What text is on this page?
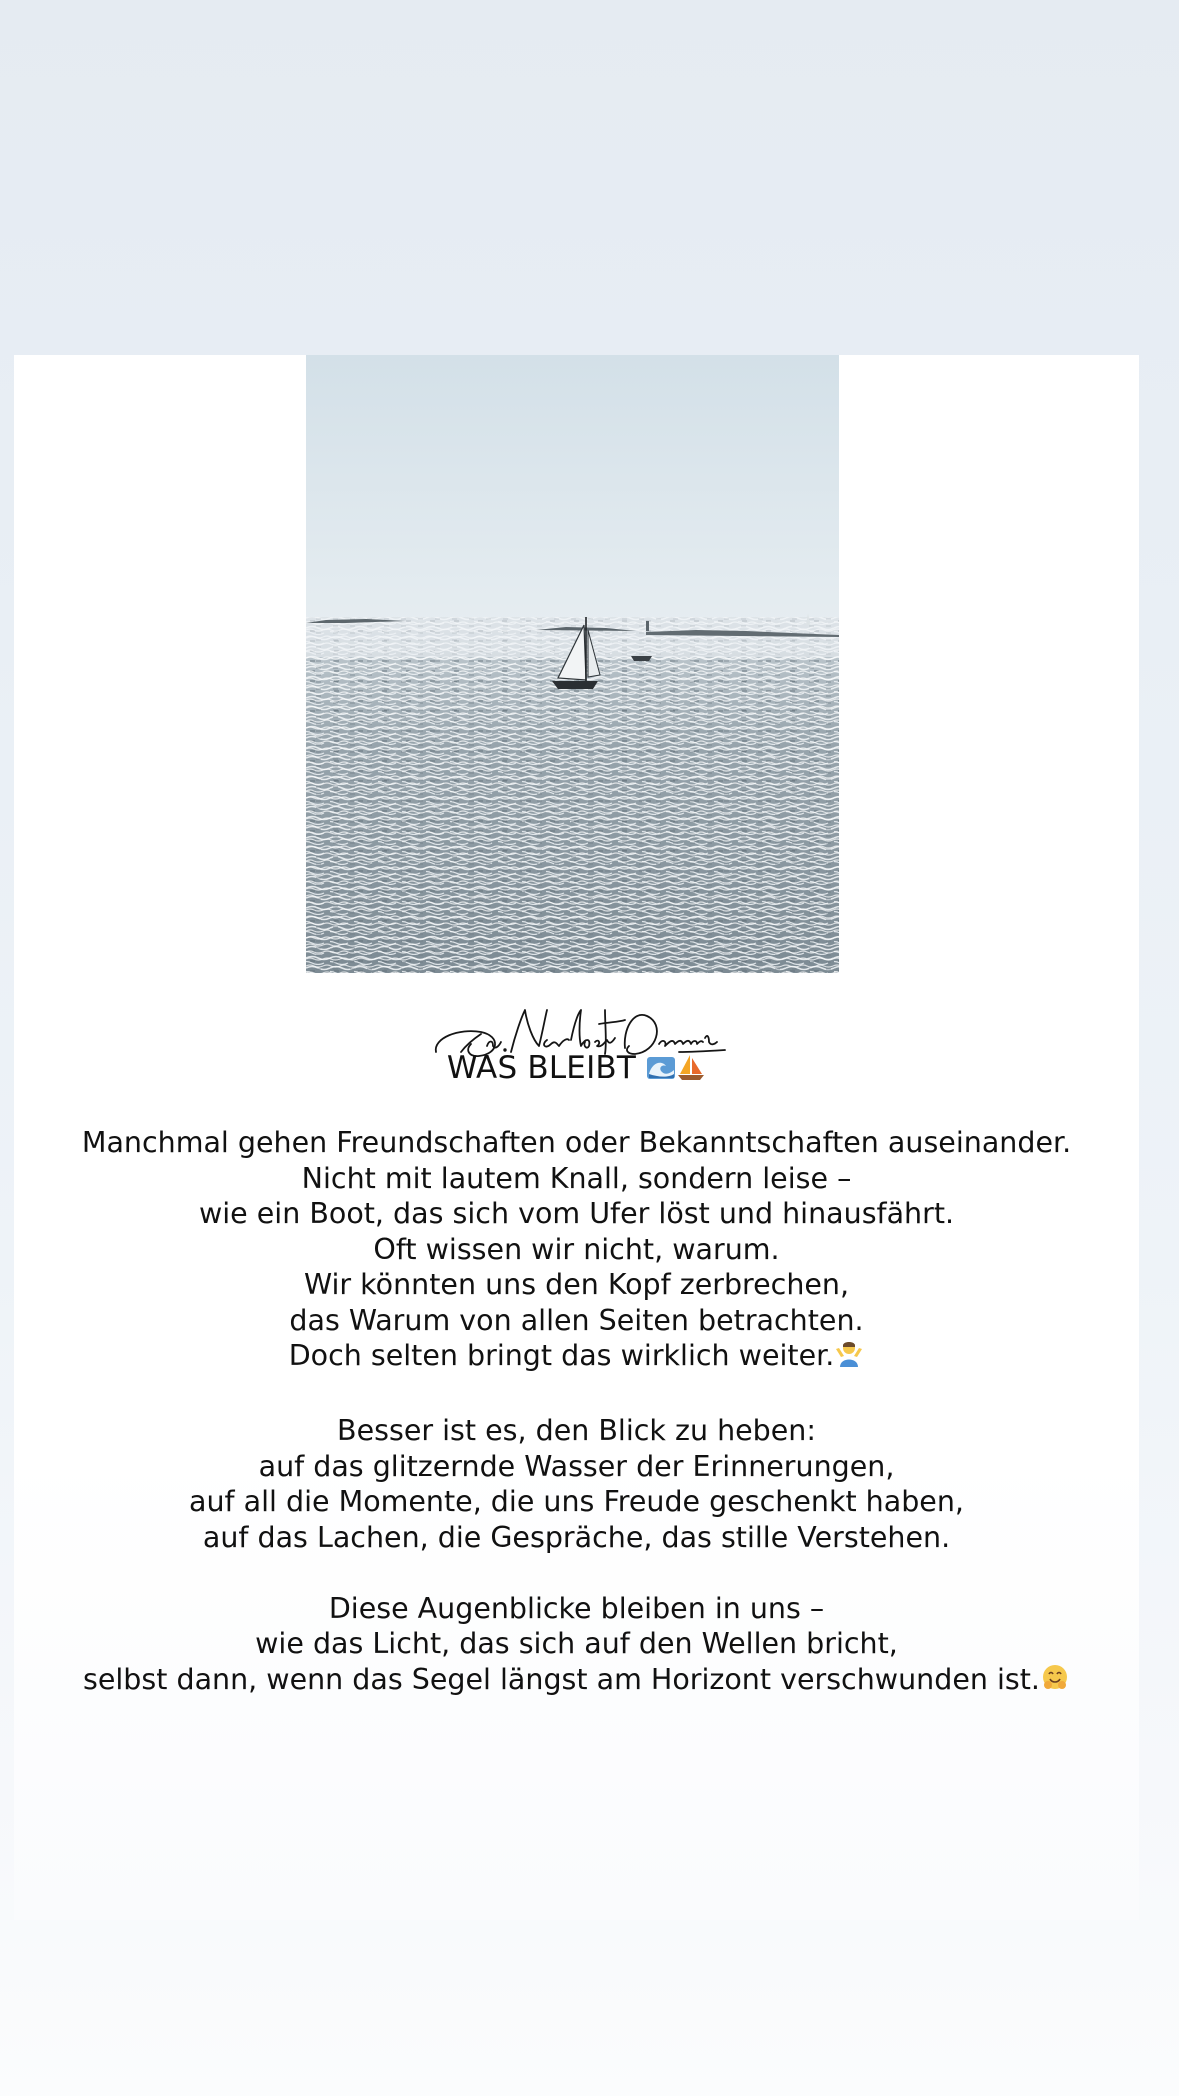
WAS BLEIBT
Manchmal gehen Freundschaften oder Bekanntschaften auseinander.
Nicht mit lautem Knall, sondern leise –
wie ein Boot, das sich vom Ufer löst und hinausfährt.
Oft wissen wir nicht, warum.
Wir könnten uns den Kopf zerbrechen,
das Warum von allen Seiten betrachten.
Doch selten bringt das wirklich weiter.
Besser ist es, den Blick zu heben:
auf das glitzernde Wasser der Erinnerungen,
auf all die Momente, die uns Freude geschenkt haben,
auf das Lachen, die Gespräche, das stille Verstehen.
Diese Augenblicke bleiben in uns –
wie das Licht, das sich auf den Wellen bricht,
selbst dann, wenn das Segel längst am Horizont verschwunden ist.
